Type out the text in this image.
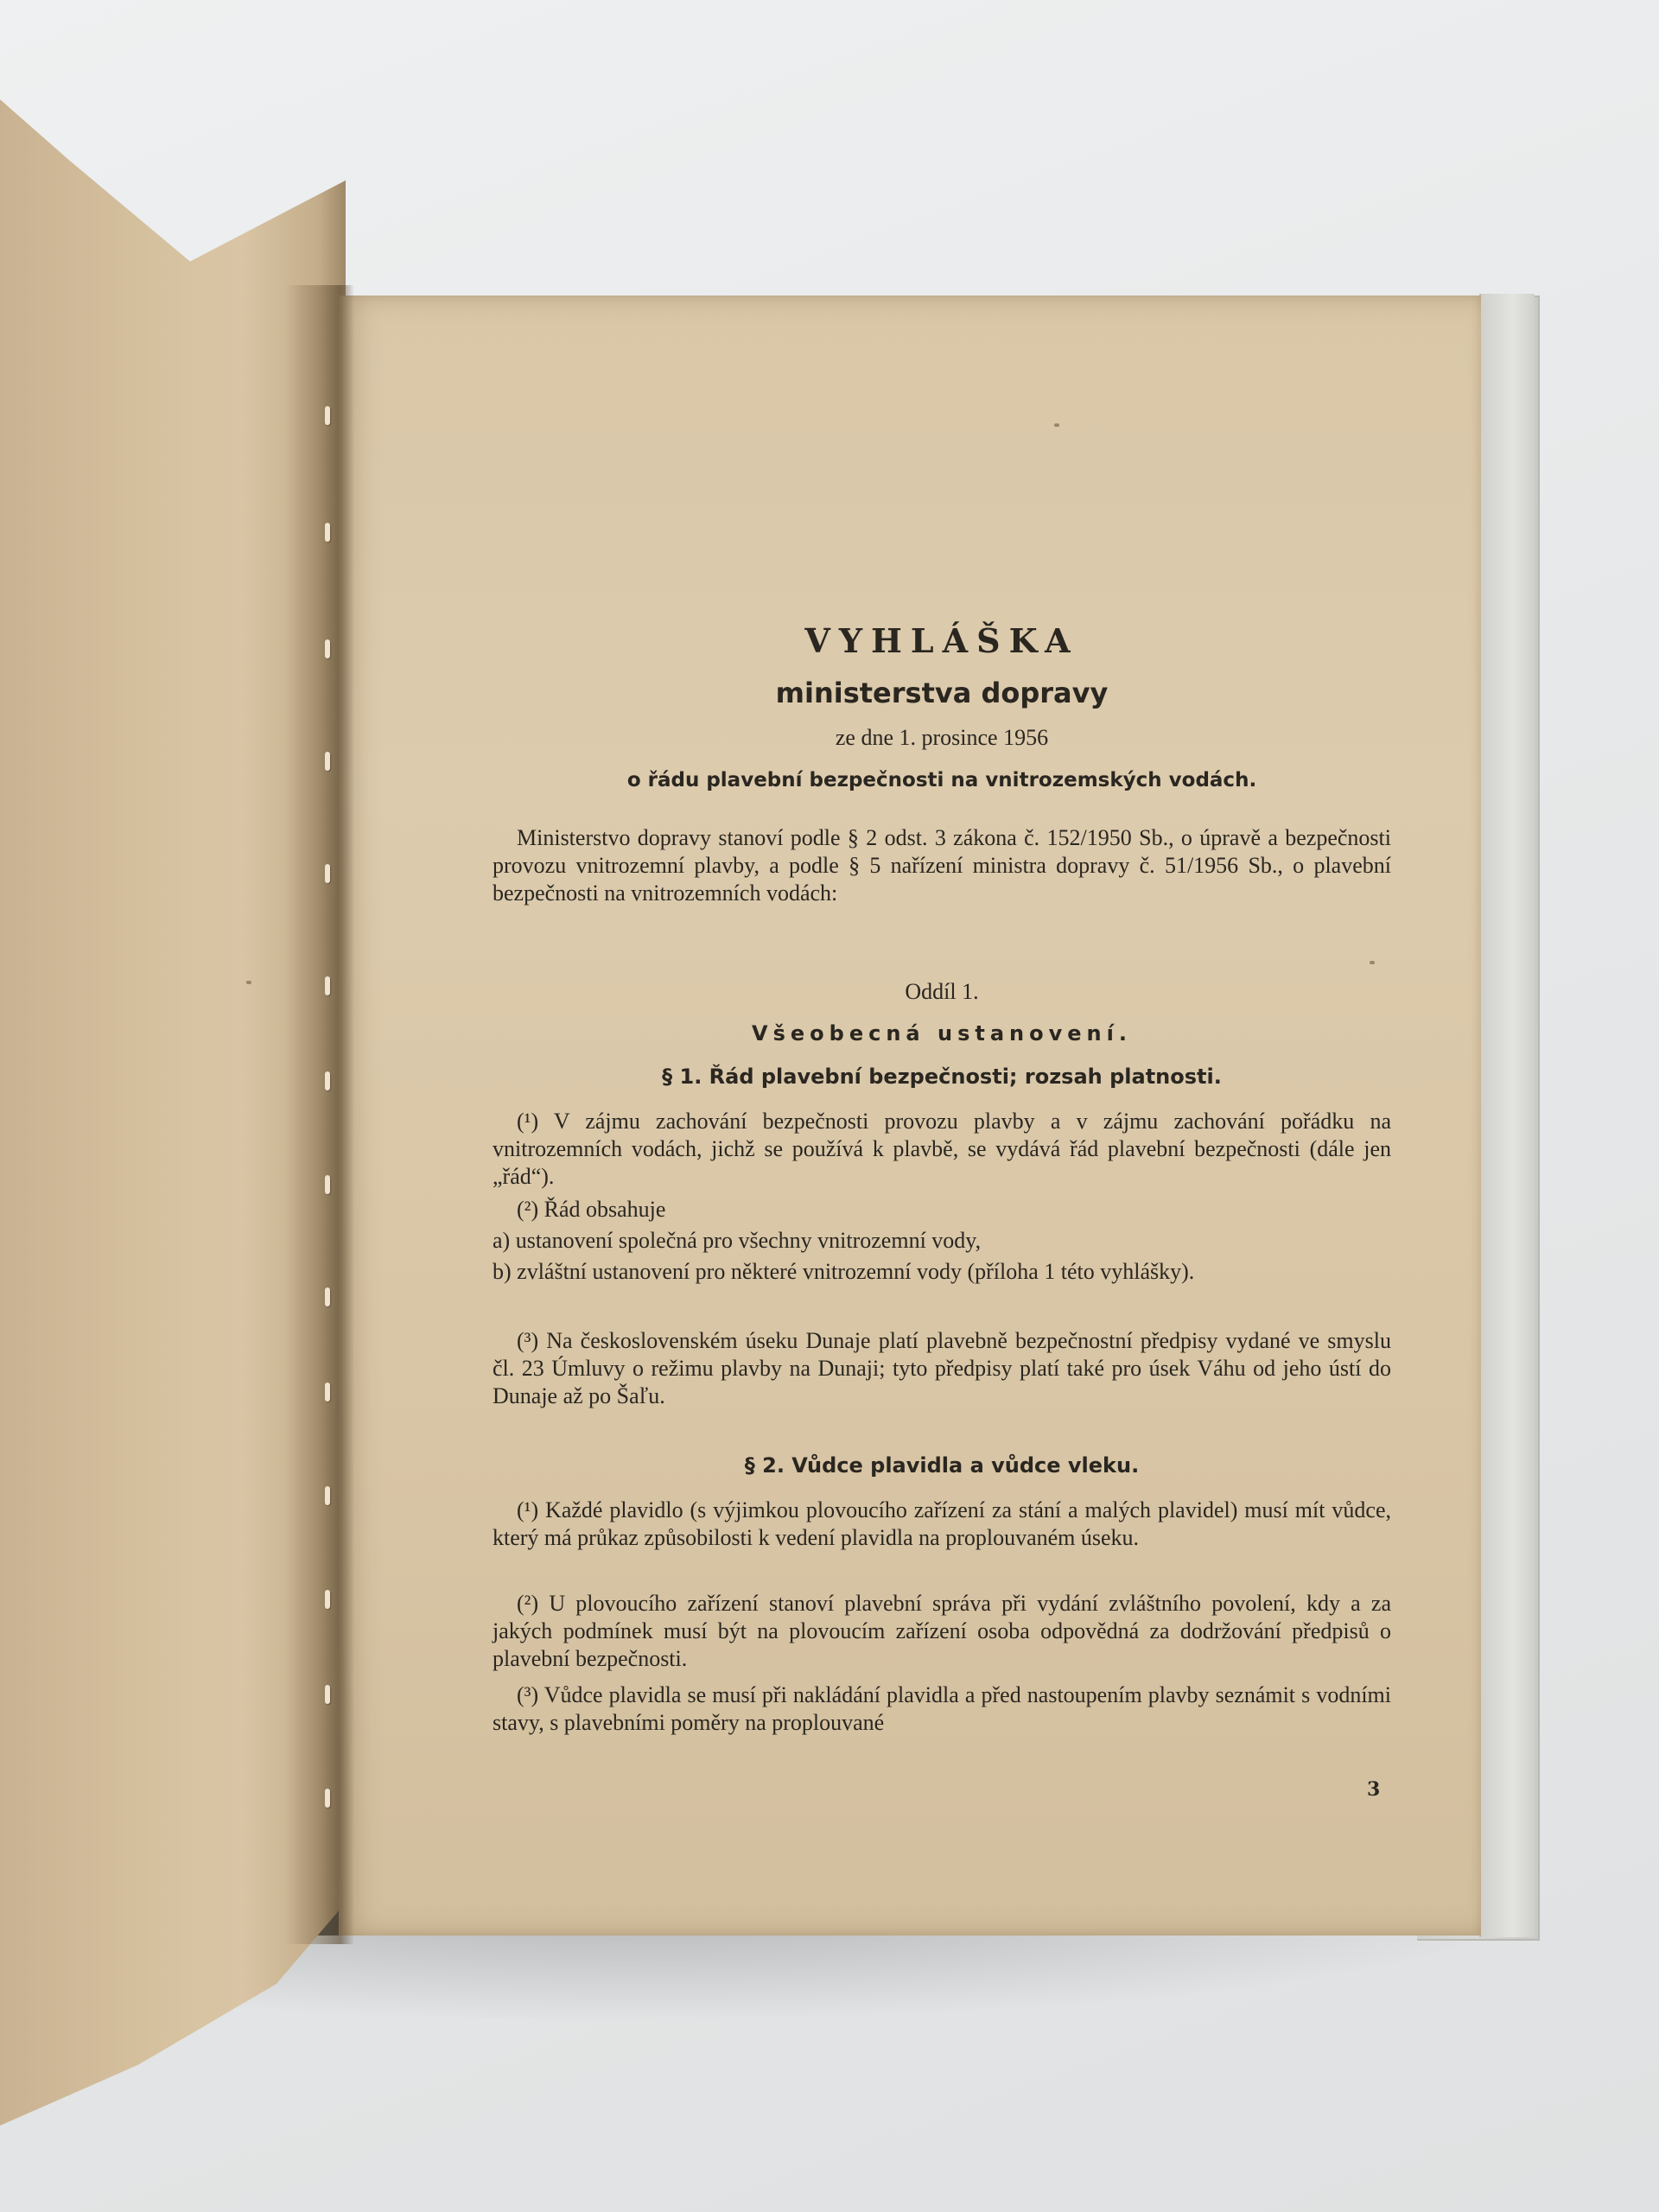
VYHLÁŠKA
ministerstva dopravy
ze dne 1. prosince 1956
o řádu plavební bezpečnosti na vnitrozemských vodách.
Ministerstvo dopravy stanoví podle § 2 odst. 3 zákona č. 152/1950 Sb., o úpravě a bezpečnosti provozu vnitrozemní plavby, a podle § 5 nařízení ministra dopravy č. 51/1956 Sb., o plavební bezpečnosti na vnitrozemních vodách:
Oddíl 1.
Všeobecná ustanovení.
§ 1. Řád plavební bezpečnosti; rozsah platnosti.
(¹) V zájmu zachování bezpečnosti provozu plavby a v zájmu zachování pořádku na vnitrozemních vodách, jichž se používá k plavbě, se vydává řád plavební bezpečnosti (dále jen „řád“).
(²) Řád obsahuje
a) ustanovení společná pro všechny vnitrozemní vody,
b) zvláštní ustanovení pro některé vnitrozemní vody (příloha 1 této vyhlášky).
(³) Na československém úseku Dunaje platí plavebně bezpečnostní předpisy vydané ve smyslu čl. 23 Úmluvy o režimu plavby na Dunaji; tyto předpisy platí také pro úsek Váhu od jeho ústí do Dunaje až po Šaľu.
§ 2. Vůdce plavidla a vůdce vleku.
(¹) Každé plavidlo (s výjimkou plovoucího zařízení za stání a malých plavidel) musí mít vůdce, který má průkaz způsobilosti k vedení plavidla na proplouvaném úseku.
(²) U plovoucího zařízení stanoví plavební správa při vydání zvláštního povolení, kdy a za jakých podmínek musí být na plovoucím zařízení osoba odpovědná za dodržování předpisů o plavební bezpečnosti.
(³) Vůdce plavidla se musí při nakládání plavidla a před nastoupením plavby seznámit s vodními stavy, s plavebními poměry na proplouvané
3
